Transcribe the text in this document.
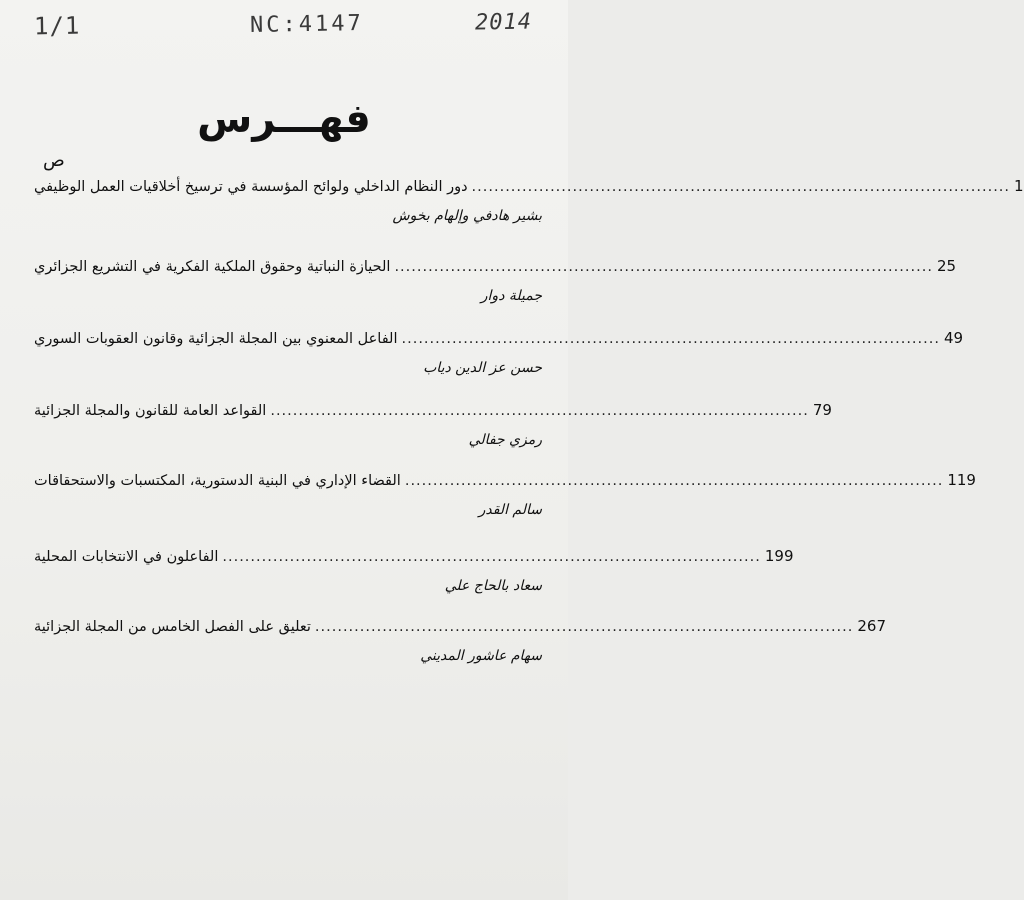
1/1	NC:4147	2014
فهـــرس
ص
دور النظام الداخلي ولوائح المؤسسة في ترسيخ أخلاقيات العمل الوظيفي ................................................................................................ 1
بشير هادفي وإلهام بخوش
الحيازة النباتية وحقوق الملكية الفكرية في التشريع الجزائري ................................................................................................ 25
جميلة دوار
الفاعل المعنوي بين المجلة الجزائية وقانون العقوبات السوري ................................................................................................ 49
حسن عز الدين دياب
القواعد العامة للقانون والمجلة الجزائية ................................................................................................ 79
رمزي جفالي
القضاء الإداري في البنية الدستورية، المكتسبات والاستحقاقات ................................................................................................ 119
سالم القدر
الفاعلون في الانتخابات المحلية ................................................................................................ 199
سعاد بالحاج علي
تعليق على الفصل الخامس من المجلة الجزائية ................................................................................................ 267
سهام عاشور المديني
